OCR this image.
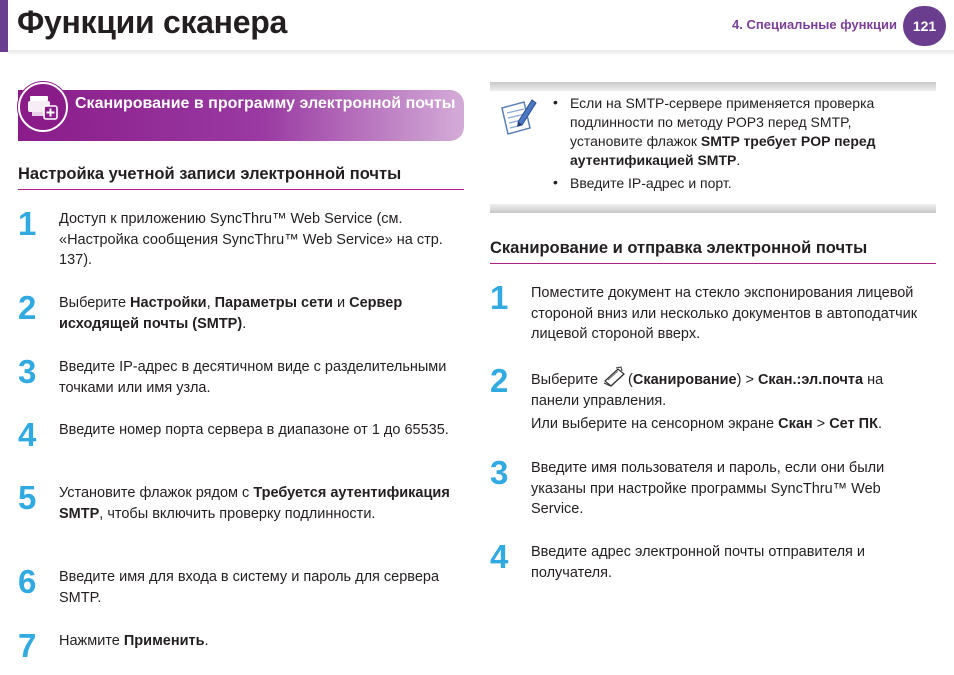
Функции сканера	4. Специальные функции	121
Сканирование в программу электронной почты
Настройка учетной записи электронной почты
1 Доступ к приложению SyncThru™ Web Service (см. «Настройка сообщения SyncThru™ Web Service» на стр. 137).
2 Выберите Настройки, Параметры сети и Сервер исходящей почты (SMTP).
3 Введите IP-адрес в десятичном виде с разделительными точками или имя узла.
4 Введите номер порта сервера в диапазоне от 1 до 65535.
5 Установите флажок рядом с Требуется аутентификация SMTP, чтобы включить проверку подлинности.
6 Введите имя для входа в систему и пароль для сервера SMTP.
7 Нажмите Применить.
• Если на SMTP-сервере применяется проверка подлинности по методу POP3 перед SMTP, установите флажок SMTP требует POP перед аутентификацией SMTP.
• Введите IP-адрес и порт.
Сканирование и отправка электронной почты
1 Поместите документ на стекло экспонирования лицевой стороной вниз или несколько документов в автоподатчик лицевой стороной вверх.
2 Выберите (Сканирование) > Скан.:эл.почта на панели управления.
Или выберите на сенсорном экране Скан > Сет ПК.
3 Введите имя пользователя и пароль, если они были указаны при настройке программы SyncThru™ Web Service.
4 Введите адрес электронной почты отправителя и получателя.
